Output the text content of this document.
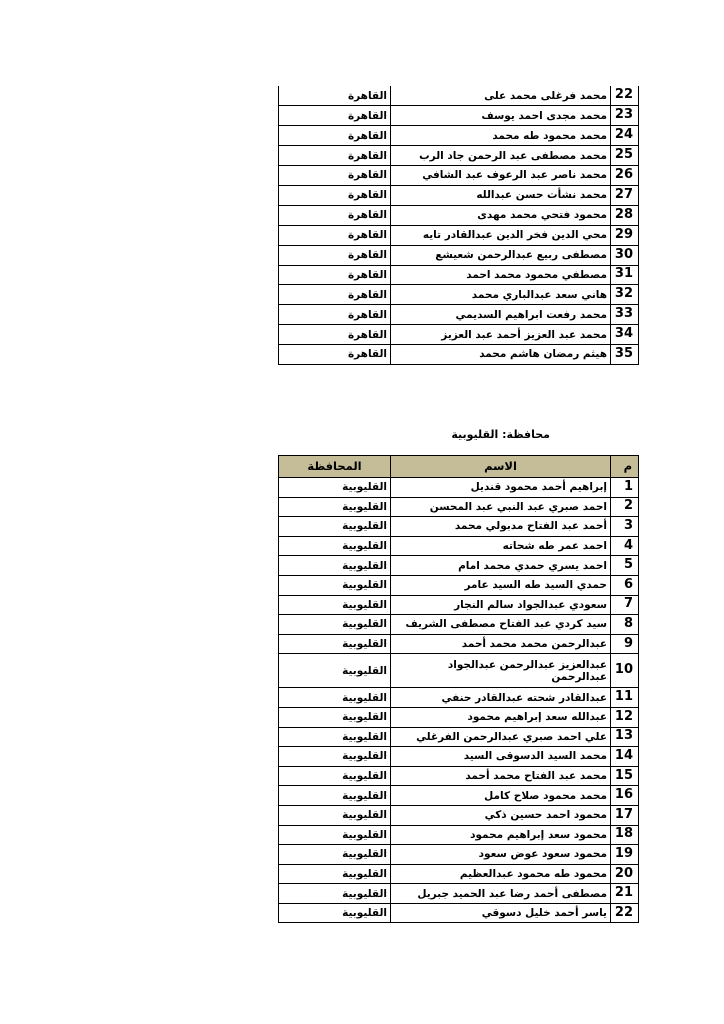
22	محمد فرغلى محمد على	القاهرة
23	محمد مجدى احمد يوسف	القاهرة
24	محمد محمود طه محمد	القاهرة
25	محمد مصطفى عبد الرحمن جاد الرب	القاهرة
26	محمد ناصر عبد الرعوف عبد الشافي	القاهرة
27	محمد نشأت حسن عبدالله	القاهرة
28	محمود فتحي محمد مهدى	القاهرة
29	محي الدين فخر الدين عبدالقادر تايه	القاهرة
30	مصطفى ربيع عبدالرحمن شعيشع	القاهرة
31	مصطفي محمود محمد احمد	القاهرة
32	هاني سعد عبدالباري محمد	القاهرة
33	محمد رفعت ابراهيم السديمي	القاهرة
34	محمد عبد العزيز أحمد عبد العزيز	القاهرة
35	هيثم رمضان هاشم محمد	القاهرة
محافظة: القليوبية
م	الاسم	المحافظة
1	إبراهيم أحمد محمود قنديل	القليوبية
2	احمد صبري عبد النبي عبد المحسن	القليوبية
3	أحمد عبد الفتاح مدبولي محمد	القليوبية
4	احمد عمر طه شحاته	القليوبية
5	احمد يسري حمدي محمد امام	القليوبية
6	حمدي السيد طه السيد عامر	القليوبية
7	سعودي عبدالجواد سالم النجار	القليوبية
8	سيد كردي عبد الفتاح مصطفى الشريف	القليوبية
9	عبدالرحمن محمد محمد أحمد	القليوبية
10	عبدالعزيز عبدالرحمن عبدالجواد عبدالرحمن	القليوبية
11	عبدالقادر شحته عبدالقادر حنفي	القليوبية
12	عبدالله سعد إبراهيم محمود	القليوبية
13	علي احمد صبري عبدالرحمن الفرغلي	القليوبية
14	محمد السيد الدسوقى السيد	القليوبية
15	محمد عبد الفتاح محمد أحمد	القليوبية
16	محمد محمود صلاح كامل	القليوبية
17	محمود احمد حسين ذكي	القليوبية
18	محمود سعد إبراهيم محمود	القليوبية
19	محمود سعود عوض سعود	القليوبية
20	محمود طه محمود عبدالعظيم	القليوبية
21	مصطفى أحمد رضا عبد الحميد جبريل	القليوبية
22	ياسر أحمد خليل دسوقي	القليوبية
